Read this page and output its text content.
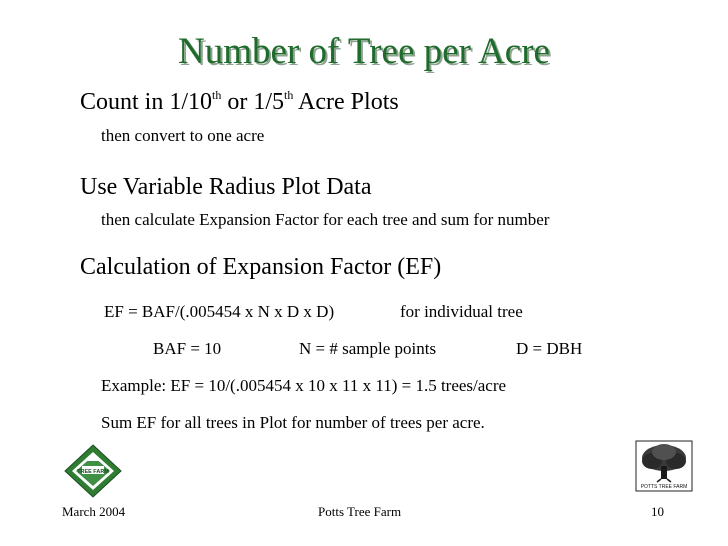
Number of Tree per Acre
Count in 1/10th or 1/5th Acre Plots
then convert to one acre
Use Variable Radius Plot Data
then calculate Expansion Factor for each tree and sum for number
Calculation of Expansion Factor (EF)
EF = BAF/(.005454 x N x D x D)	for individual tree
BAF = 10	N = # sample points	D = DBH
Example: EF = 10/(.005454 x 10 x 11 x 11) = 1.5 trees/acre
Sum EF for all trees in Plot for number of trees per acre.
TREE FARM
POTTS TREE FARM
March 2004	Potts Tree Farm	10
